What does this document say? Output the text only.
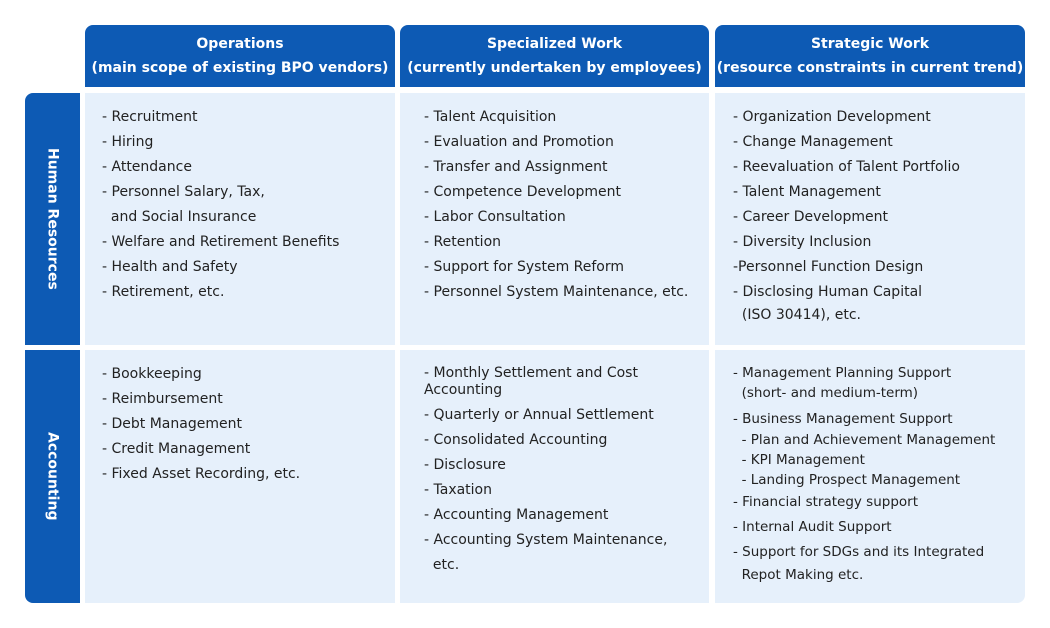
Operations
(main scope of existing BPO vendors)
Specialized Work
(currently undertaken by employees)
Strategic Work
(resource constraints in current trend)
Human Resources
Accounting
- Recruitment
- Hiring
- Attendance
- Personnel Salary, Tax,
and Social Insurance
- Welfare and Retirement Benefits
- Health and Safety
- Retirement, etc.
- Talent Acquisition
- Evaluation and Promotion
- Transfer and Assignment
- Competence Development
- Labor Consultation
- Retention
- Support for System Reform
- Personnel System Maintenance, etc.
- Organization Development
- Change Management
- Reevaluation of Talent Portfolio
- Talent Management
- Career Development
- Diversity Inclusion
-Personnel Function Design
- Disclosing Human Capital
(ISO 30414), etc.
- Bookkeeping
- Reimbursement
- Debt Management
- Credit Management
- Fixed Asset Recording, etc.
- Monthly Settlement and Cost Accounting
- Quarterly or Annual Settlement
- Consolidated Accounting
- Disclosure
- Taxation
- Accounting Management
- Accounting System Maintenance,
etc.
- Management Planning Support
(short- and medium-term)
- Business Management Support
- Plan and Achievement Management
- KPI Management
- Landing Prospect Management
- Financial strategy support
- Internal Audit Support
- Support for SDGs and its Integrated
Repot Making etc.
